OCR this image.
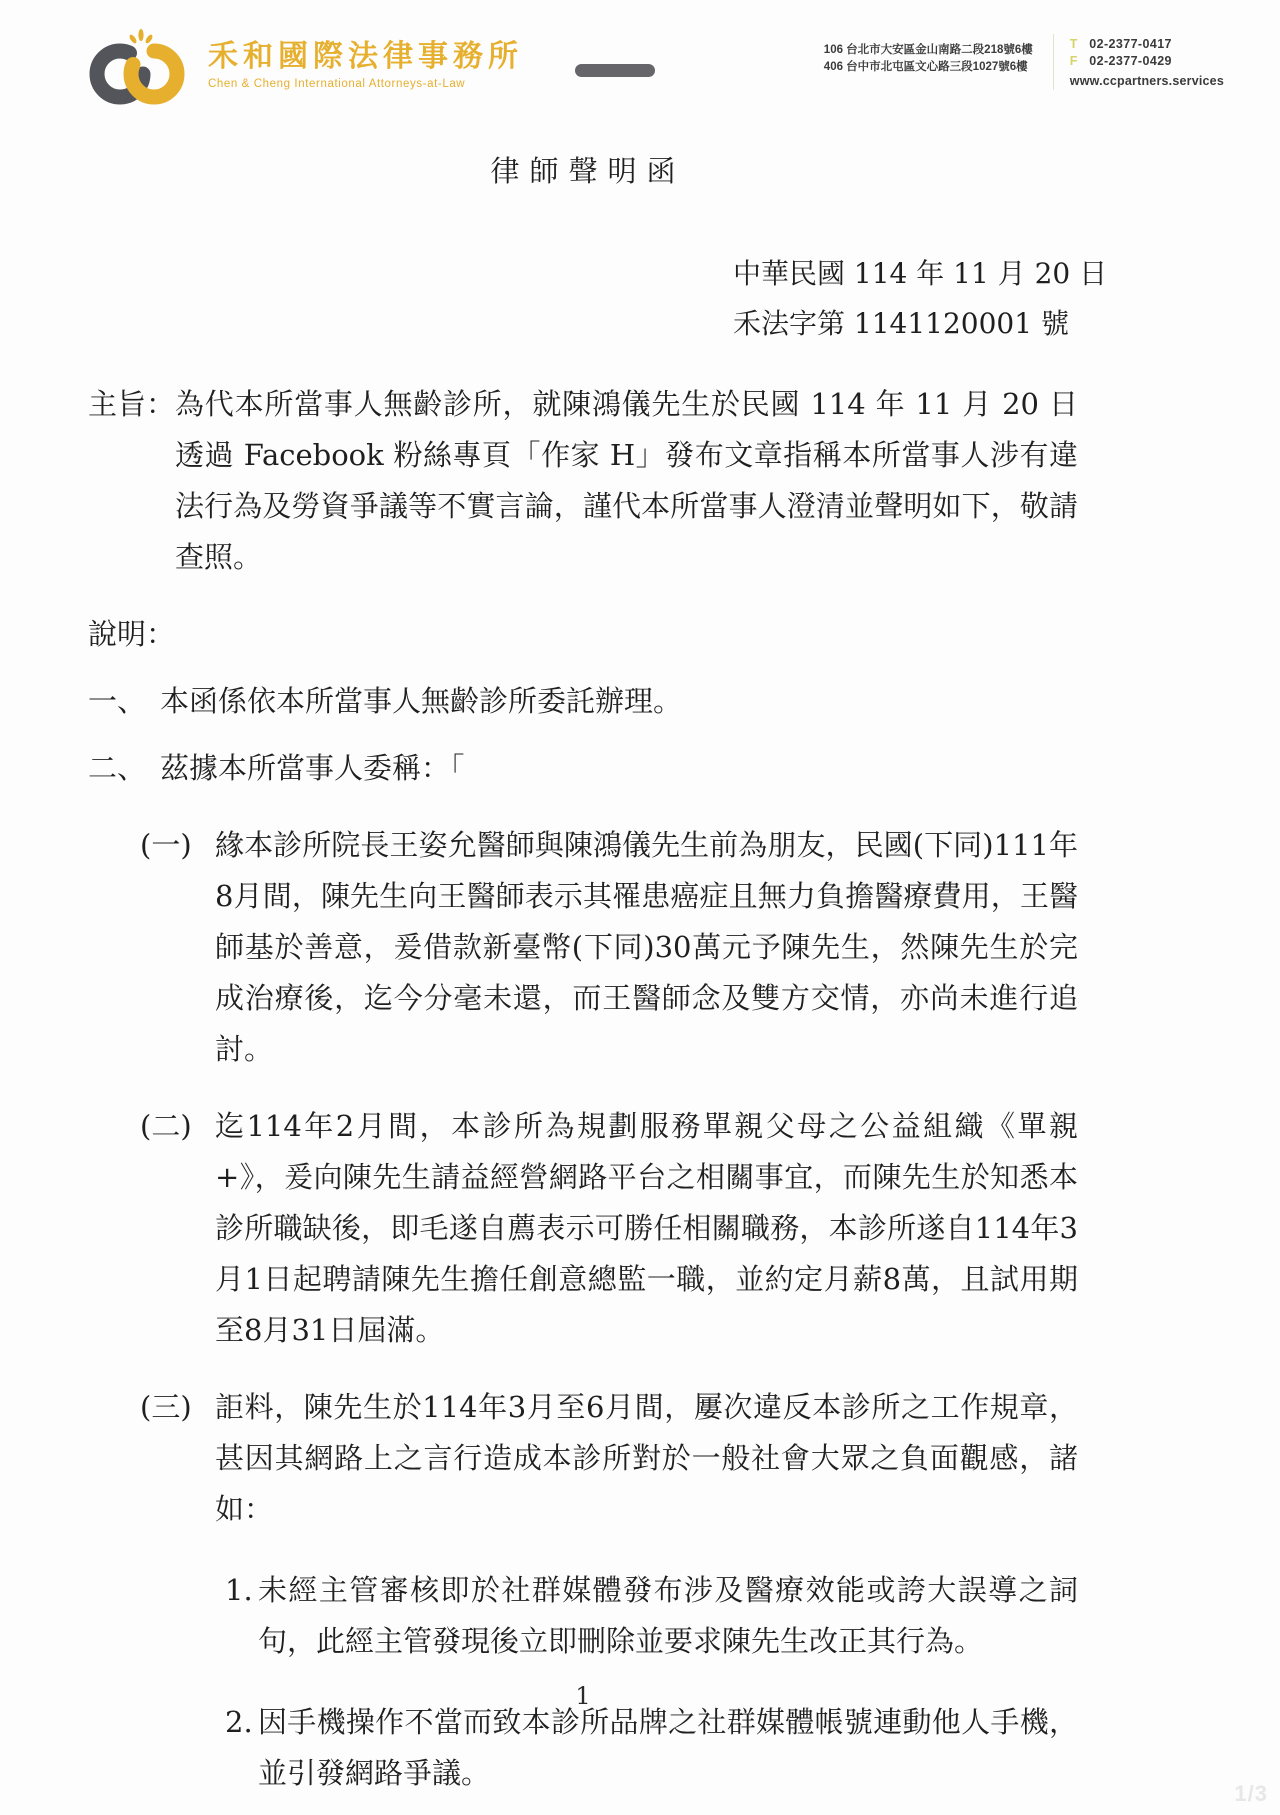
禾和國際法律事務所
Chen & Cheng International Attorneys-at-Law
106 台北市大安區金山南路二段218號6樓
406 台中市北屯區文心路三段1027號6樓
T 02-2377-0417
F 02-2377-0429
www.ccpartners.services
律師聲明函
中華民國 114 年 11 月 20 日
禾法字第 1141120001 號
主旨： 為代本所當事人無齡診所，就陳鴻儀先生於民國 114 年 11 月 20 日透過 Facebook 粉絲專頁「作家 H」發布文章指稱本所當事人涉有違法行為及勞資爭議等不實言論，謹代本所當事人澄清並聲明如下，敬請查照。
說明：
一、 本函係依本所當事人無齡診所委託辦理。
二、 茲據本所當事人委稱：「
(一) 緣本診所院長王姿允醫師與陳鴻儀先生前為朋友，民國(下同)111年8月間，陳先生向王醫師表示其罹患癌症且無力負擔醫療費用，王醫師基於善意，爰借款新臺幣(下同)30萬元予陳先生，然陳先生於完成治療後，迄今分毫未還，而王醫師念及雙方交情，亦尚未進行追討。
(二) 迄114年2月間，本診所為規劃服務單親父母之公益組織《單親+》，爰向陳先生請益經營網路平台之相關事宜，而陳先生於知悉本診所職缺後，即毛遂自薦表示可勝任相關職務，本診所遂自114年3月1日起聘請陳先生擔任創意總監一職，並約定月薪8萬，且試用期至8月31日屆滿。
(三) 詎料，陳先生於114年3月至6月間，屢次違反本診所之工作規章，甚因其網路上之言行造成本診所對於一般社會大眾之負面觀感，諸如：
1. 未經主管審核即於社群媒體發布涉及醫療效能或誇大誤導之詞句，此經主管發現後立即刪除並要求陳先生改正其行為。
2. 因手機操作不當而致本診所品牌之社群媒體帳號連動他人手機，並引發網路爭議。
1
1/3
